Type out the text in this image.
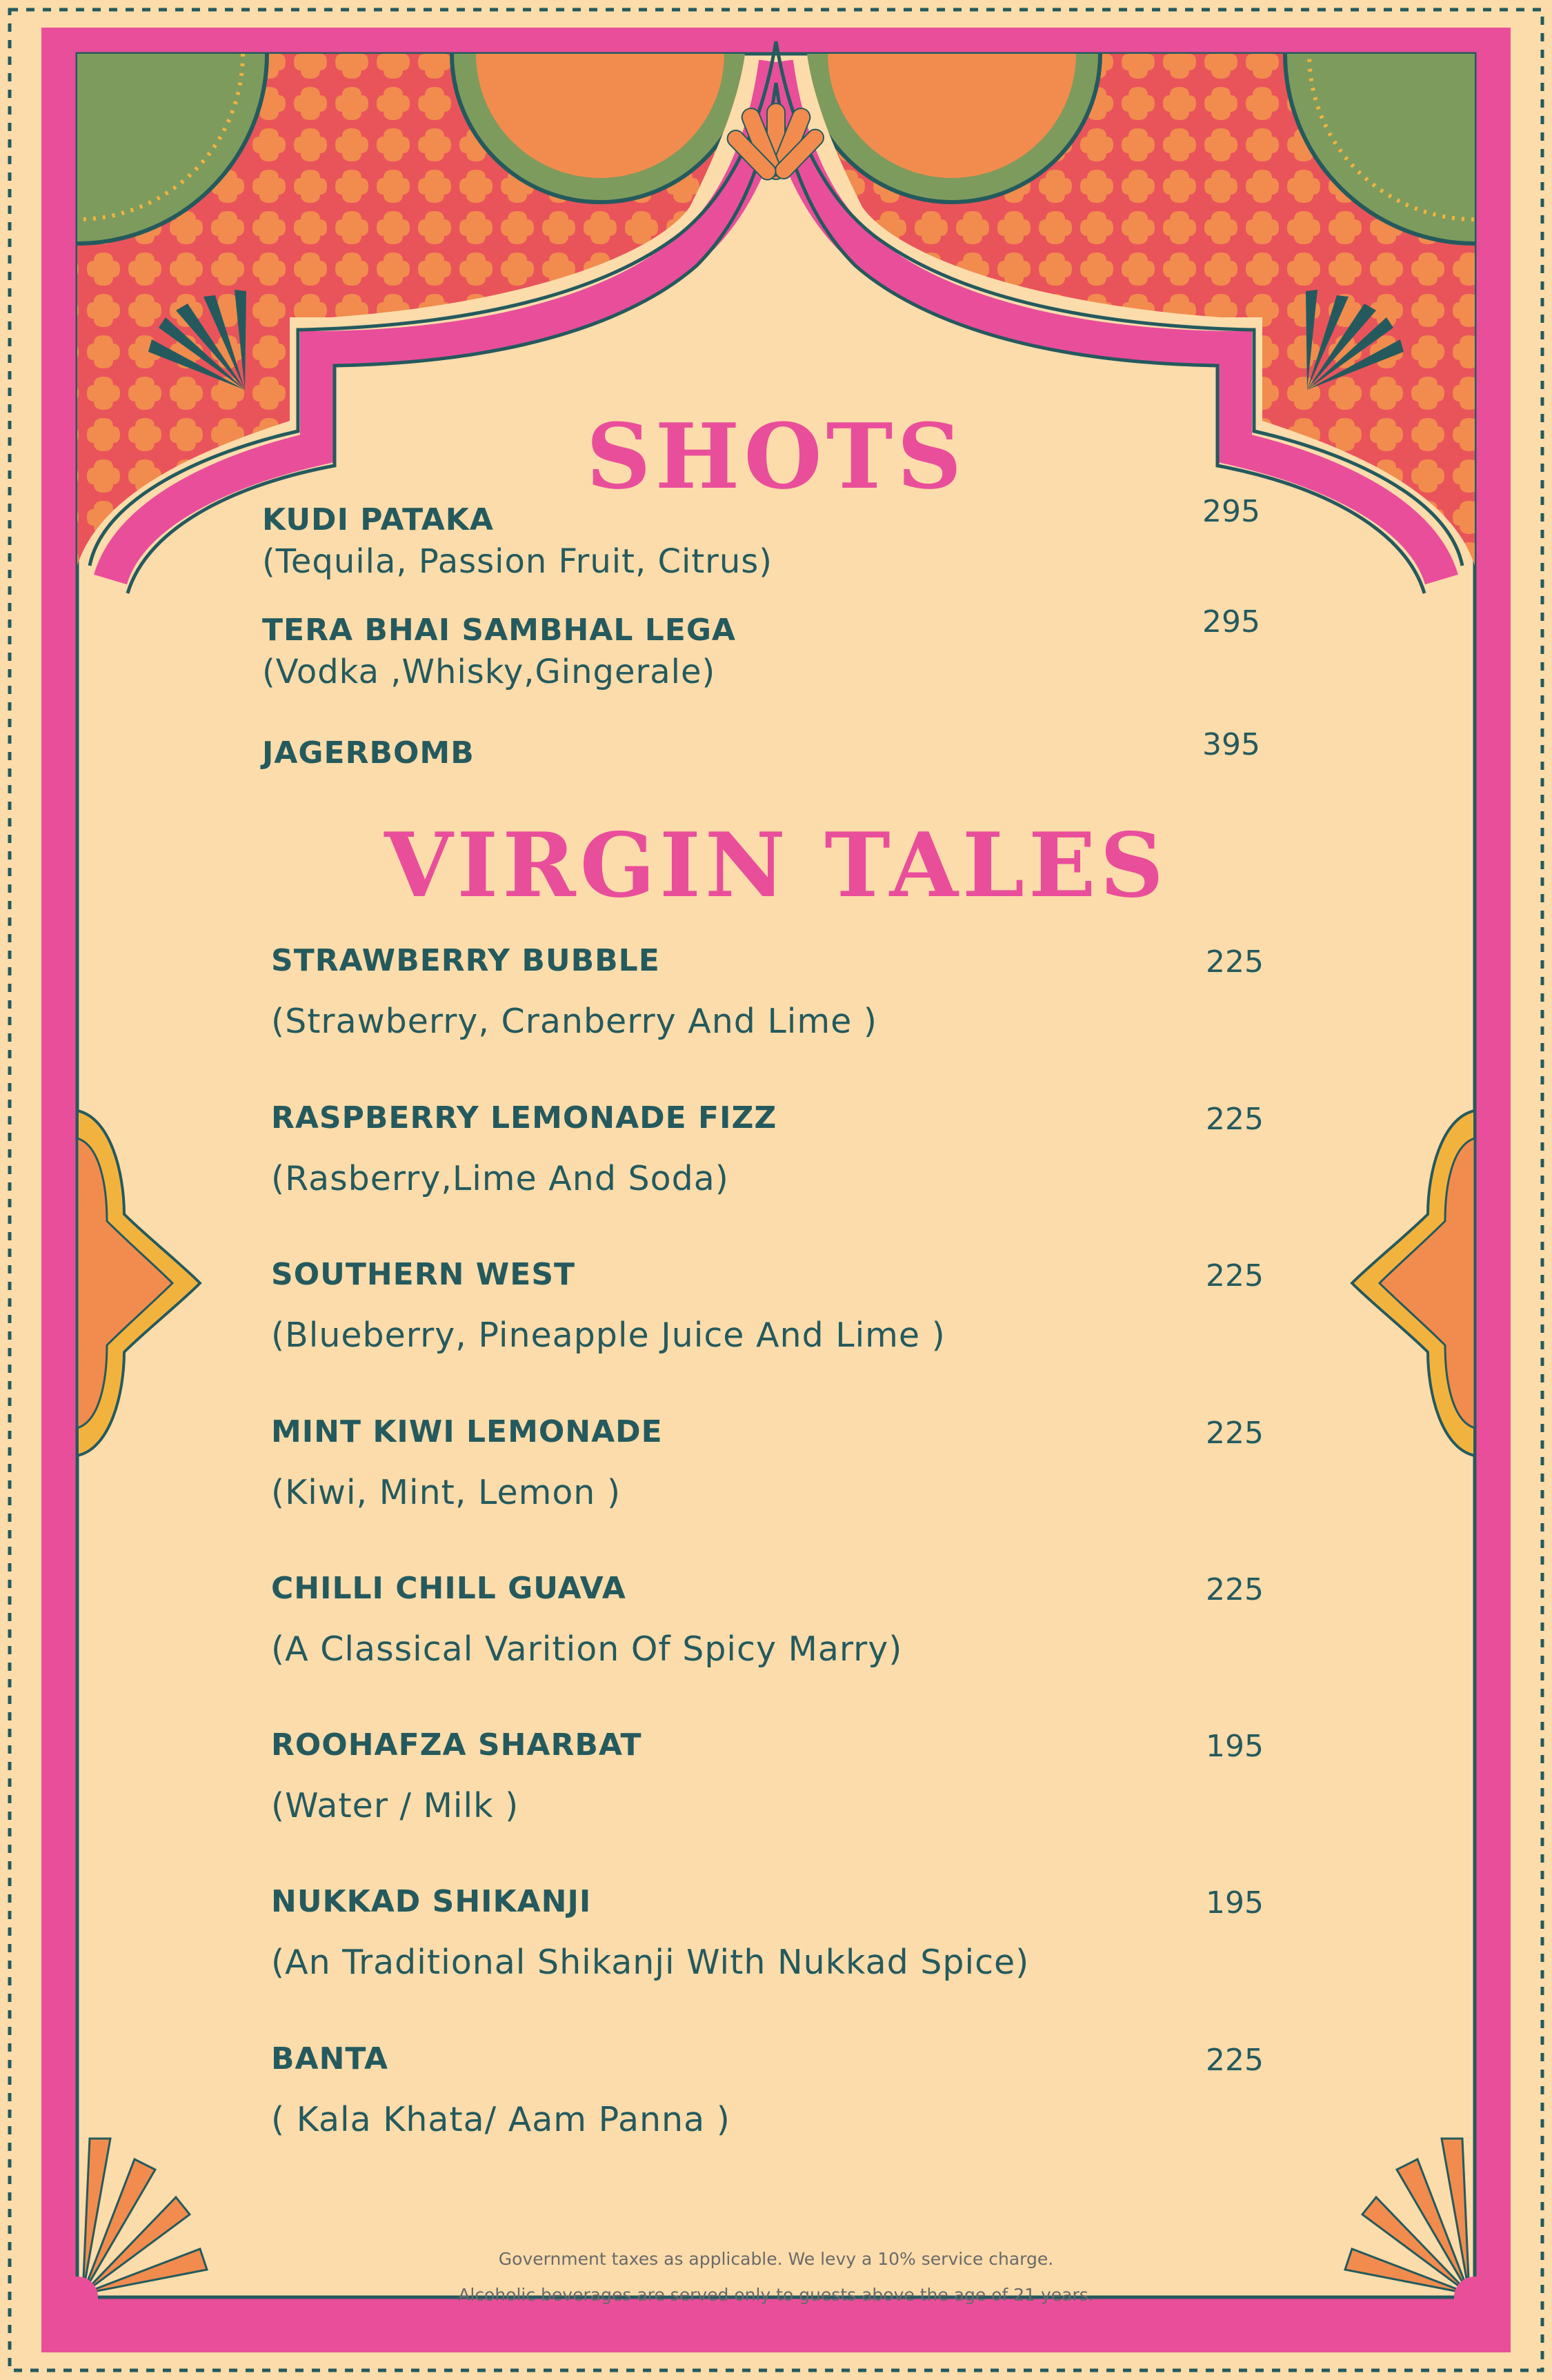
SHOTS
KUDI PATAKA
(Tequila, Passion Fruit, Citrus)
295
TERA BHAI SAMBHAL LEGA
(Vodka ,Whisky,Gingerale)
295
JAGERBOMB	395
VIRGIN TALES
STRAWBERRY BUBBLE
(Strawberry, Cranberry And Lime )
225
RASPBERRY LEMONADE FIZZ
(Rasberry,Lime And Soda)
225
SOUTHERN WEST
(Blueberry, Pineapple Juice And Lime )
225
MINT KIWI LEMONADE
(Kiwi, Mint, Lemon )
225
CHILLI CHILL GUAVA
(A Classical Varition Of Spicy Marry)
225
ROOHAFZA SHARBAT
(Water / Milk )
195
NUKKAD SHIKANJI
(An Traditional Shikanji With Nukkad Spice)
195
BANTA
( Kala Khata/ Aam Panna )
225
Government taxes as applicable. We levy a 10% service charge.
Alcoholic beverages are served only to guests above the age of 21 years.
